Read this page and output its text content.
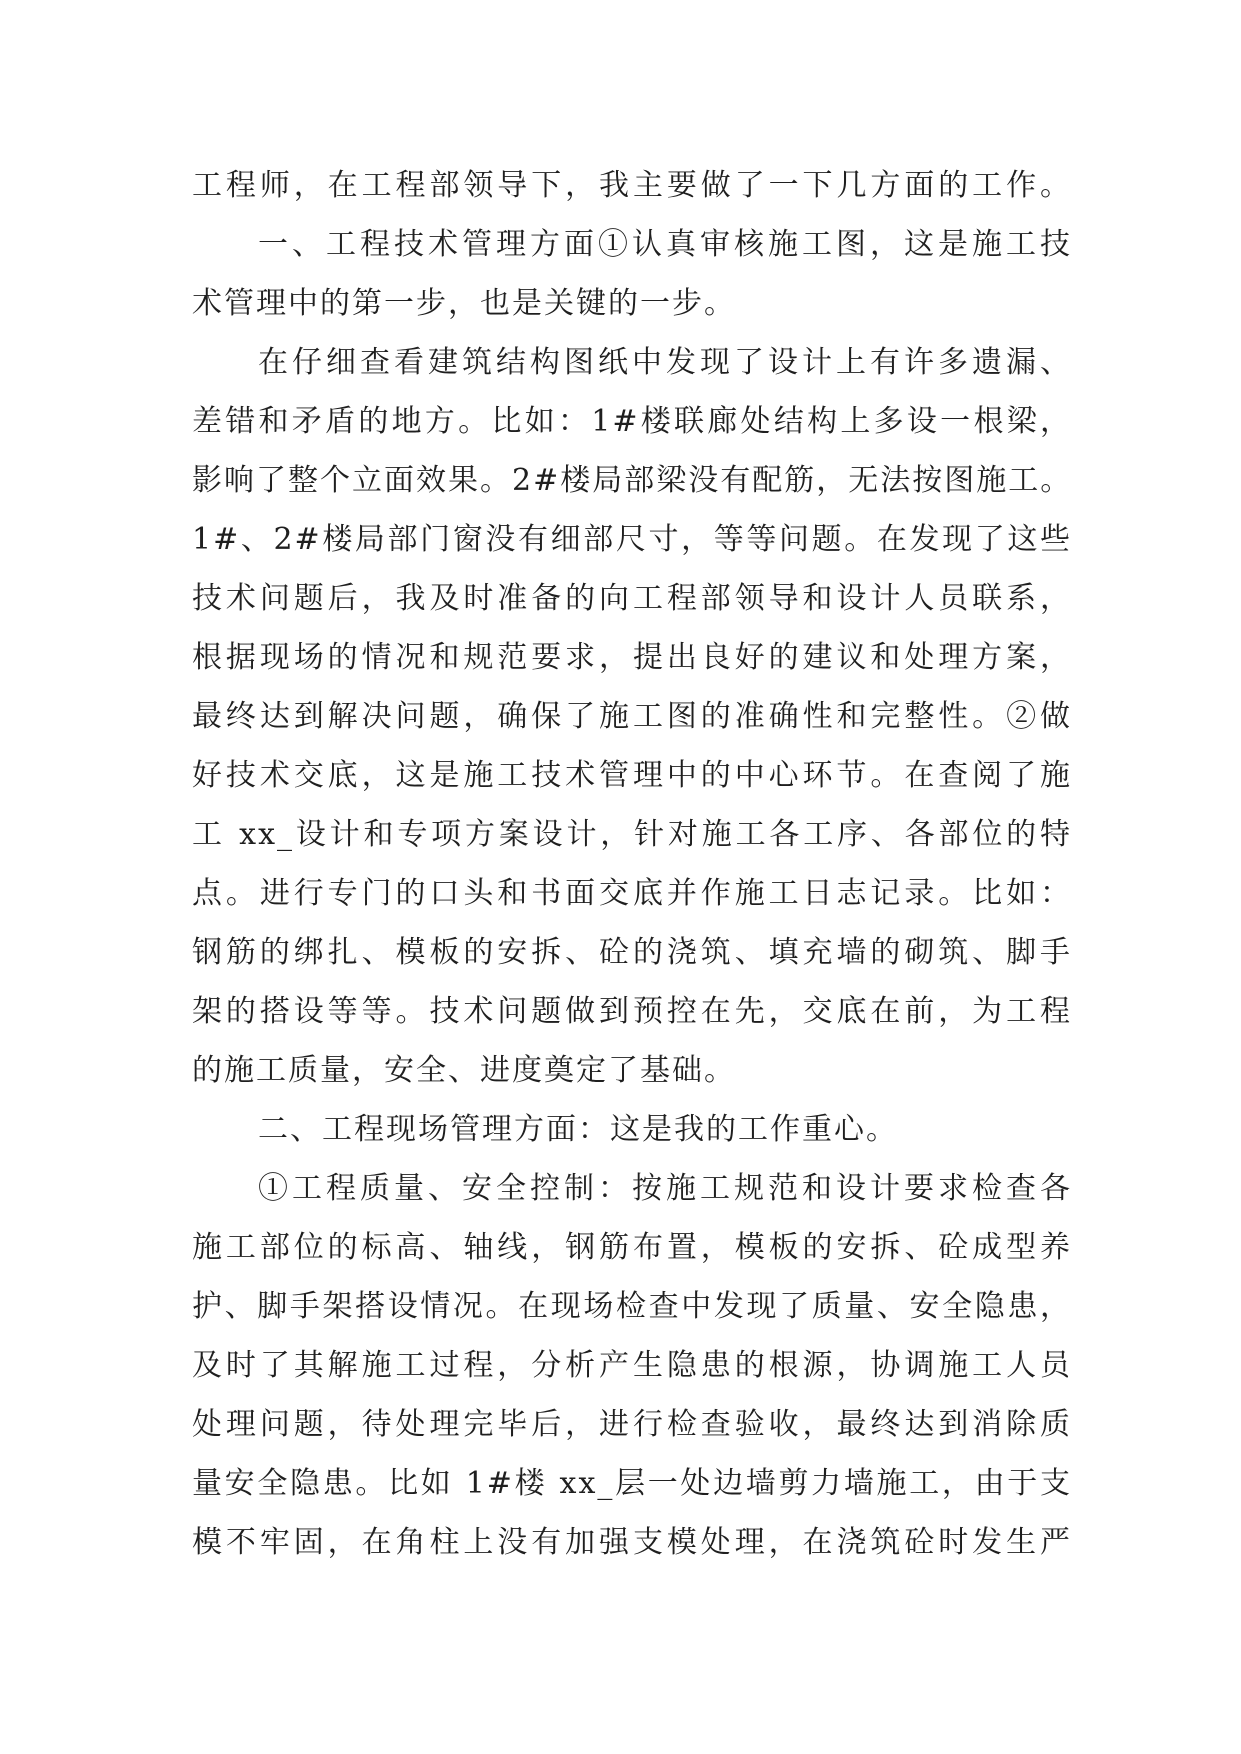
工程师，在工程部领导下，我主要做了一下几方面的工作。
一、工程技术管理方面①认真审核施工图，这是施工技
术管理中的第一步，也是关键的一步。
在仔细查看建筑结构图纸中发现了设计上有许多遗漏、
差错和矛盾的地方。比如：1#楼联廊处结构上多设一根梁，
影响了整个立面效果。2#楼局部梁没有配筋，无法按图施工。
1#、2#楼局部门窗没有细部尺寸，等等问题。在发现了这些
技术问题后，我及时准备的向工程部领导和设计人员联系，
根据现场的情况和规范要求，提出良好的建议和处理方案，
最终达到解决问题，确保了施工图的准确性和完整性。②做
好技术交底，这是施工技术管理中的中心环节。在查阅了施
工 xx_设计和专项方案设计，针对施工各工序、各部位的特
点。进行专门的口头和书面交底并作施工日志记录。比如：
钢筋的绑扎、模板的安拆、砼的浇筑、填充墙的砌筑、脚手
架的搭设等等。技术问题做到预控在先，交底在前，为工程
的施工质量，安全、进度奠定了基础。
二、工程现场管理方面：这是我的工作重心。
①工程质量、安全控制：按施工规范和设计要求检查各
施工部位的标高、轴线，钢筋布置，模板的安拆、砼成型养
护、脚手架搭设情况。在现场检查中发现了质量、安全隐患，
及时了其解施工过程，分析产生隐患的根源，协调施工人员
处理问题，待处理完毕后，进行检查验收，最终达到消除质
量安全隐患。比如 1#楼 xx_层一处边墙剪力墙施工，由于支
模不牢固，在角柱上没有加强支模处理，在浇筑砼时发生严
